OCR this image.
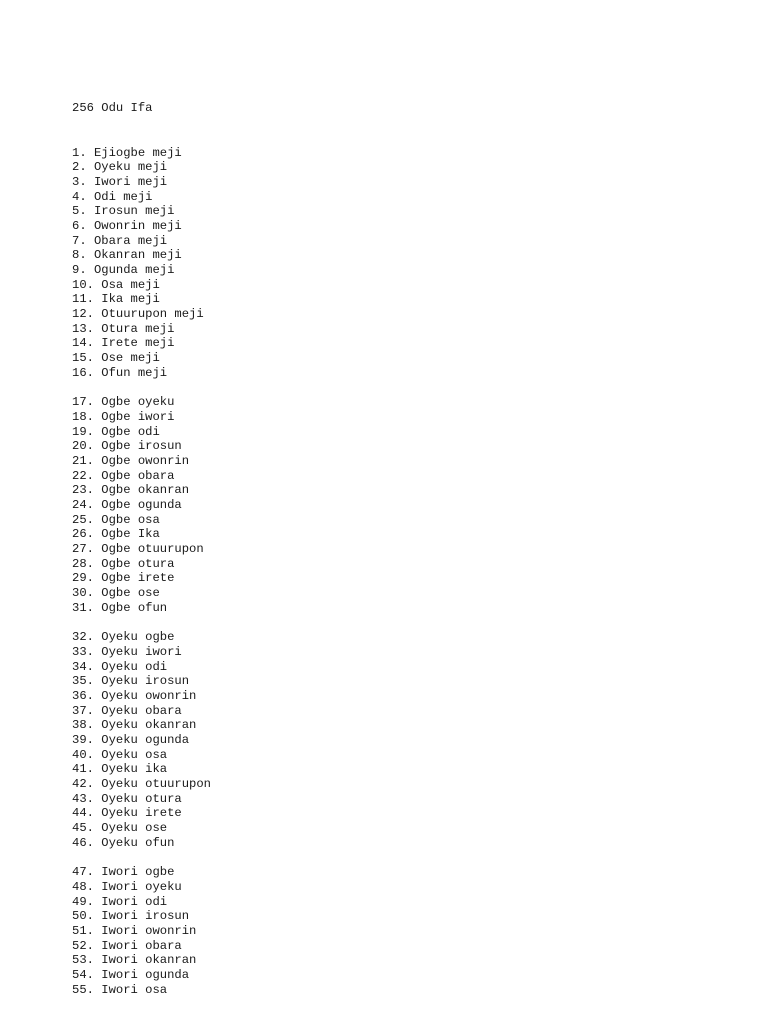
256 Odu Ifa

1. Ejiogbe meji
2. Oyeku meji
3. Iwori meji
4. Odi meji
5. Irosun meji
6. Owonrin meji
7. Obara meji
8. Okanran meji
9. Ogunda meji
10. Osa meji
11. Ika meji
12. Otuurupon meji
13. Otura meji
14. Irete meji
15. Ose meji
16. Ofun meji
17. Ogbe oyeku
18. Ogbe iwori
19. Ogbe odi
20. Ogbe irosun
21. Ogbe owonrin
22. Ogbe obara
23. Ogbe okanran
24. Ogbe ogunda
25. Ogbe osa
26. Ogbe Ika
27. Ogbe otuurupon
28. Ogbe otura
29. Ogbe irete
30. Ogbe ose
31. Ogbe ofun
32. Oyeku ogbe
33. Oyeku iwori
34. Oyeku odi
35. Oyeku irosun
36. Oyeku owonrin
37. Oyeku obara
38. Oyeku okanran
39. Oyeku ogunda
40. Oyeku osa
41. Oyeku ika
42. Oyeku otuurupon
43. Oyeku otura
44. Oyeku irete
45. Oyeku ose
46. Oyeku ofun
47. Iwori ogbe
48. Iwori oyeku
49. Iwori odi
50. Iwori irosun
51. Iwori owonrin
52. Iwori obara
53. Iwori okanran
54. Iwori ogunda
55. Iwori osa
